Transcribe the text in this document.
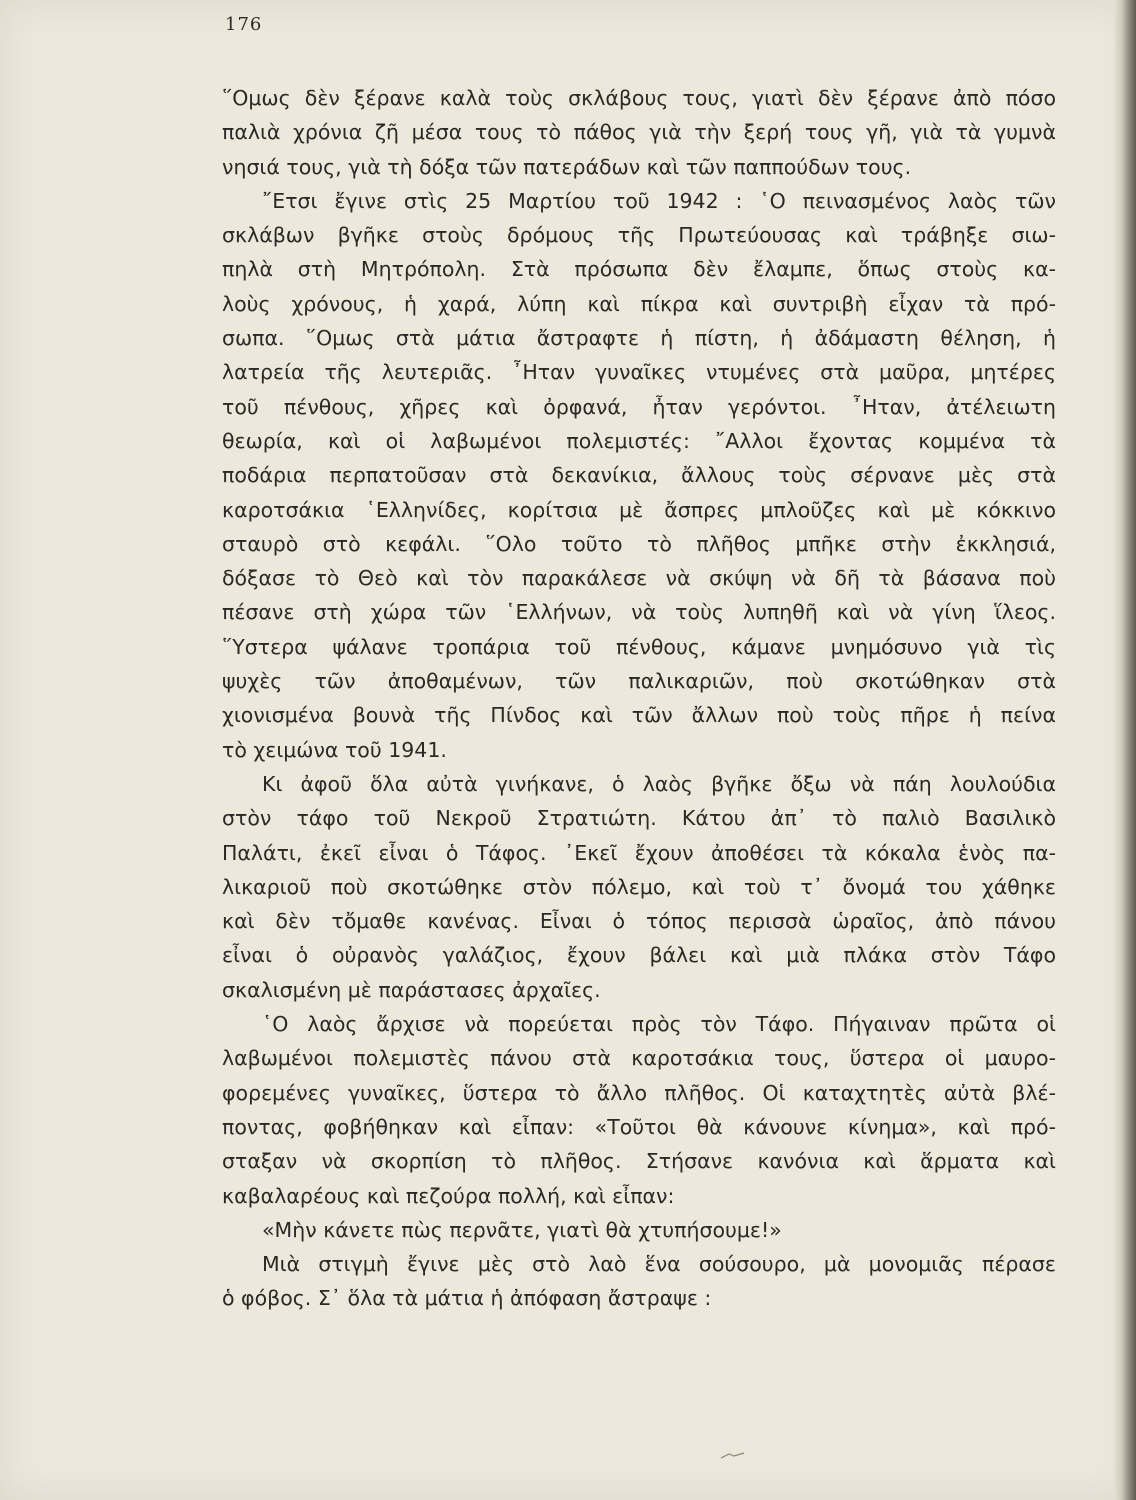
176
῞Ομως δὲν ξέρανε καλὰ τοὺς σκλάβους τους, γιατὶ δὲν ξέρανε ἀπὸ πόσο
παλιὰ χρόνια ζῆ μέσα τους τὸ πάθος γιὰ τὴν ξερή τους γῆ, γιὰ τὰ γυμνὰ
νησιά τους, γιὰ τὴ δόξα τῶν πατεράδων καὶ τῶν παππούδων τους.
῎Ετσι ἔγινε στὶς 25 Μαρτίου τοῦ 1942 : ῾Ο πεινασμένος λαὸς τῶν
σκλάβων βγῆκε στοὺς δρόμους τῆς Πρωτεύουσας καὶ τράβηξε σιω-
πηλὰ στὴ Μητρόπολη. Στὰ πρόσωπα δὲν ἔλαμπε, ὅπως στοὺς κα-
λοὺς χρόνους, ἡ χαρά, λύπη καὶ πίκρα καὶ συντριβὴ εἶχαν τὰ πρό-
σωπα. ῞Ομως στὰ μάτια ἄστραφτε ἡ πίστη, ἡ ἀδάμαστη θέληση, ἡ
λατρεία τῆς λευτεριᾶς. ῏Ηταν γυναῖκες ντυμένες στὰ μαῦρα, μητέρες
τοῦ πένθους, χῆρες καὶ ὀρφανά, ἦταν γερόντοι. ῏Ηταν, ἀτέλειωτη
θεωρία, καὶ οἱ λαβωμένοι πολεμιστές: ῎Αλλοι ἔχοντας κομμένα τὰ
ποδάρια περπατοῦσαν στὰ δεκανίκια, ἄλλους τοὺς σέρνανε μὲς στὰ
καροτσάκια ῾Ελληνίδες, κορίτσια μὲ ἄσπρες μπλοῦζες καὶ μὲ κόκκινο
σταυρὸ στὸ κεφάλι. ῞Ολο τοῦτο τὸ πλῆθος μπῆκε στὴν ἐκκλησιά,
δόξασε τὸ Θεὸ καὶ τὸν παρακάλεσε νὰ σκύψη νὰ δῆ τὰ βάσανα ποὺ
πέσανε στὴ χώρα τῶν ῾Ελλήνων, νὰ τοὺς λυπηθῆ καὶ νὰ γίνη ἵλεος.
῞Υστερα ψάλανε τροπάρια τοῦ πένθους, κάμανε μνημόσυνο γιὰ τὶς
ψυχὲς τῶν ἀποθαμένων, τῶν παλικαριῶν, ποὺ σκοτώθηκαν στὰ
χιονισμένα βουνὰ τῆς Πίνδος καὶ τῶν ἄλλων ποὺ τοὺς πῆρε ἡ πείνα
τὸ χειμώνα τοῦ 1941.
Κι ἀφοῦ ὅλα αὐτὰ γινήκανε, ὁ λαὸς βγῆκε ὄξω νὰ πάη λουλούδια
στὸν τάφο τοῦ Νεκροῦ Στρατιώτη. Κάτου ἀπ᾽ τὸ παλιὸ Βασιλικὸ
Παλάτι, ἐκεῖ εἶναι ὁ Τάφος. ᾿Εκεῖ ἔχουν ἀποθέσει τὰ κόκαλα ἑνὸς πα-
λικαριοῦ ποὺ σκοτώθηκε στὸν πόλεμο, καὶ τοὺ τ᾽ ὄνομά του χάθηκε
καὶ δὲν τὄμαθε κανένας. Εἶναι ὁ τόπος περισσὰ ὡραῖος, ἀπὸ πάνου
εἶναι ὁ οὐρανὸς γαλάζιος, ἔχουν βάλει καὶ μιὰ πλάκα στὸν Τάφο
σκαλισμένη μὲ παράστασες ἀρχαῖες.
῾Ο λαὸς ἄρχισε νὰ πορεύεται πρὸς τὸν Τάφο. Πήγαιναν πρῶτα οἱ
λαβωμένοι πολεμιστὲς πάνου στὰ καροτσάκια τους, ὕστερα οἱ μαυρο-
φορεμένες γυναῖκες, ὕστερα τὸ ἄλλο πλῆθος. Οἱ καταχτητὲς αὐτὰ βλέ-
ποντας, φοβήθηκαν καὶ εἶπαν: «Τοῦτοι θὰ κάνουνε κίνημα», καὶ πρό-
σταξαν νὰ σκορπίση τὸ πλῆθος. Στήσανε κανόνια καὶ ἅρματα καὶ
καβαλαρέους καὶ πεζούρα πολλή, καὶ εἶπαν:
«Μὴν κάνετε πὼς περνᾶτε, γιατὶ θὰ χτυπήσουμε!»
Μιὰ στιγμὴ ἔγινε μὲς στὸ λαὸ ἕνα σούσουρο, μὰ μονομιᾶς πέρασε
ὁ φόβος. Σ᾽ ὅλα τὰ μάτια ἡ ἀπόφαση ἄστραψε :
